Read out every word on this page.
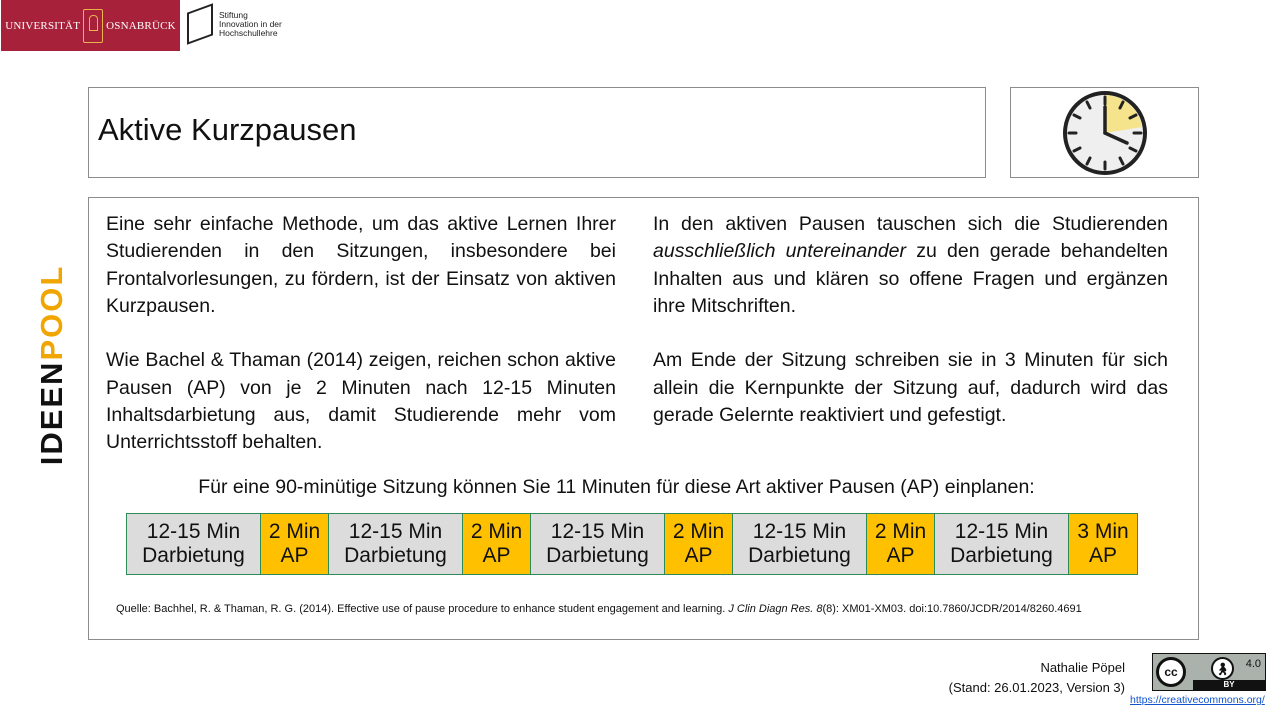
UNIVERSITÄT OSNABRÜCK
Stiftung
Innovation in der
Hochschullehre
Aktive Kurzpausen
IDEENPOOL

Eine sehr einfache Methode, um das aktive Lernen Ihrer Studierenden in den Sitzungen, insbesondere bei Frontalvorlesungen, zu fördern, ist der Einsatz von aktiven Kurzpausen.

Wie Bachel & Thaman (2014) zeigen, reichen schon aktive Pausen (AP) von je 2 Minuten nach 12-15 Minuten Inhaltsdarbietung aus, damit Studierende mehr vom Unterrichtsstoff behalten.

In den aktiven Pausen tauschen sich die Studierenden ausschließlich untereinander zu den gerade behandelten Inhalten aus und klären so offene Fragen und ergänzen ihre Mitschriften.

Am Ende der Sitzung schreiben sie in 3 Minuten für sich allein die Kernpunkte der Sitzung auf, dadurch wird das gerade Gelernte reaktiviert und gefestigt.

Für eine 90-minütige Sitzung können Sie 11 Minuten für diese Art aktiver Pausen (AP) einplanen:
12-15 Min
Darbietung
2 Min
AP
12-15 Min
Darbietung
2 Min
AP
12-15 Min
Darbietung
2 Min
AP
12-15 Min
Darbietung
2 Min
AP
12-15 Min
Darbietung
3 Min
AP
Quelle: Bachhel, R. & Thaman, R. G. (2014). Effective use of pause procedure to enhance student engagement and learning. J Clin Diagn Res. 8(8): XM01-XM03. doi:10.7860/JCDR/2014/8260.4691
Nathalie Pöpel
(Stand: 26.01.2023, Version 3)
cc	🚶︎	4.0
BY
https://creativecommons.org/
